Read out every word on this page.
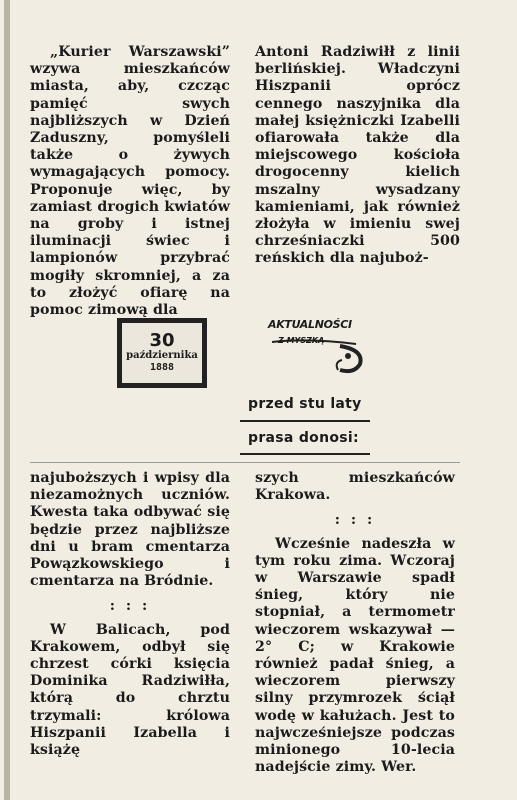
„Kurier Warszawski” wzywa mieszkańców miasta, aby, czcząc pamięć swych najbliższych w Dzień Zaduszny, pomyśleli także o żywych wymagających pomocy. Proponuje więc, by zamiast drogich kwiatów na groby i istnej iluminacji świec i lampionów przybrać mogiły skromniej, a za to złożyć ofiarę na pomoc zimową dla

Antoni Radziwiłł z linii berlińskiej. Władczyni Hiszpanii oprócz cennego naszyjnika dla małej księżniczki Izabelli ofiarowała także dla miejscowego kościoła drogocenny kielich mszalny wysadzany kamieniami, jak również złożyła w imieniu swej chrześniaczki 500 reńskich dla najuboż-

30
października
1888
AKTUALNOŚCI
Z MYSZKĄ
przed stu laty
prasa donosi:

najuboższych i wpisy dla niezamożnych uczniów. Kwesta taka odbywać się będzie przez najbliższe dni u bram cmentarza Powązkowskiego i cmentarza na Bródnie.

: : :

W Balicach, pod Krakowem, odbył się chrzest córki księcia Dominika Radziwiłła, którą do chrztu trzymali: królowa Hiszpanii Izabella i książę

szych mieszkańców Krakowa.

: : :

Wcześnie nadeszła w tym roku zima. Wczoraj w Warszawie spadł śnieg, który nie stopniał, a termometr wieczorem wskazywał —2° C; w Krakowie również padał śnieg, a wieczorem pierwszy silny przymrozek ściął wodę w kałużach. Jest to najwcześniejsze podczas minionego 10-lecia nadejście zimy. Wer.
